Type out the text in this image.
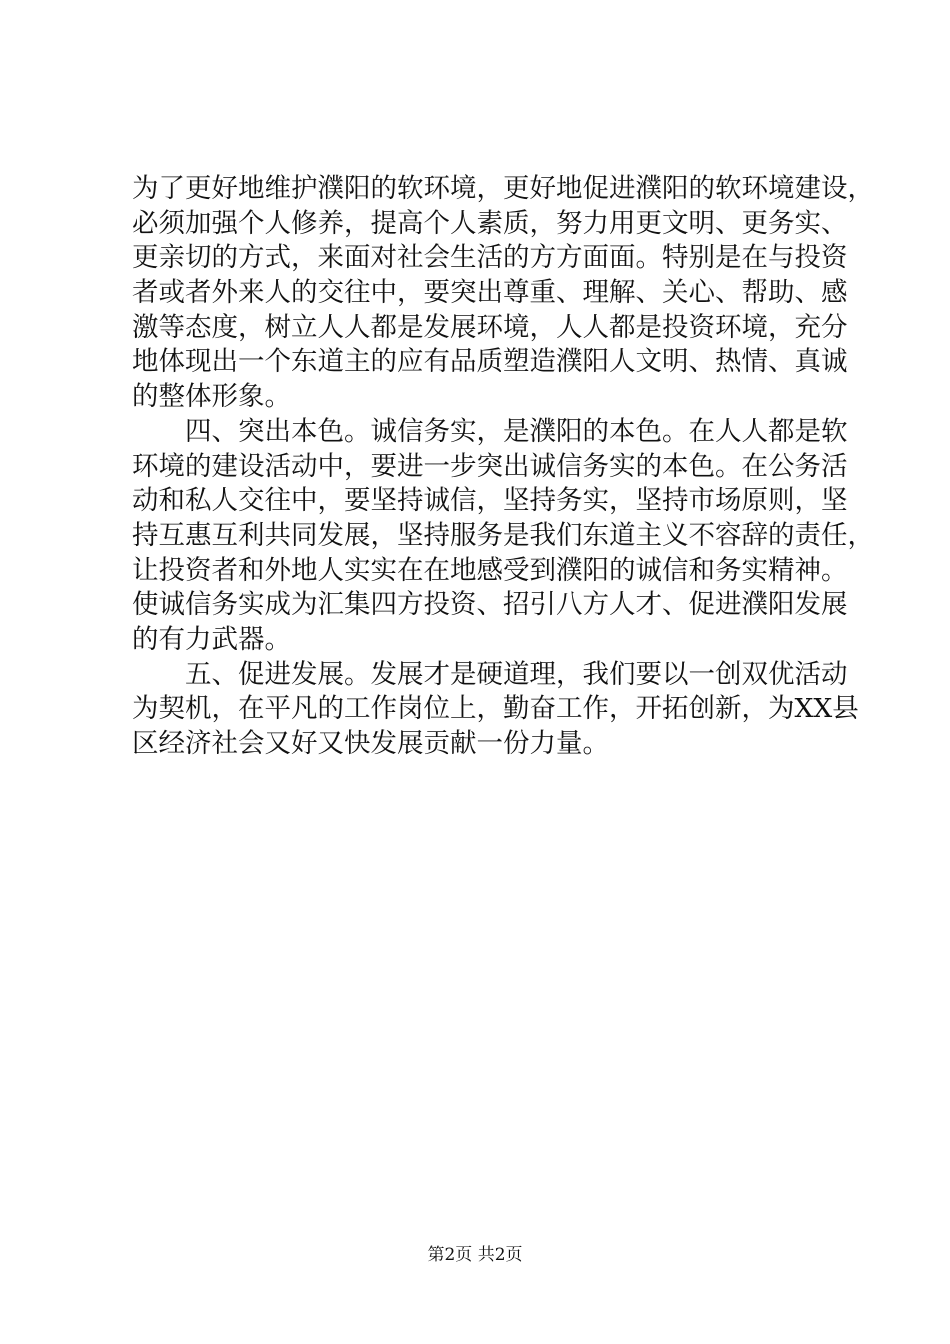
为了更好地维护濮阳的软环境，更好地促进濮阳的软环境建设，
必须加强个人修养，提高个人素质，努力用更文明、更务实、
更亲切的方式，来面对社会生活的方方面面。特别是在与投资
者或者外来人的交往中，要突出尊重、理解、关心、帮助、感
激等态度，树立人人都是发展环境，人人都是投资环境，充分
地体现出一个东道主的应有品质塑造濮阳人文明、热情、真诚
的整体形象。
　　四、突出本色。诚信务实，是濮阳的本色。在人人都是软
环境的建设活动中，要进一步突出诚信务实的本色。在公务活
动和私人交往中，要坚持诚信，坚持务实，坚持市场原则，坚
持互惠互利共同发展，坚持服务是我们东道主义不容辞的责任，
让投资者和外地人实实在在地感受到濮阳的诚信和务实精神。
使诚信务实成为汇集四方投资、招引八方人才、促进濮阳发展
的有力武器。
　　五、促进发展。发展才是硬道理，我们要以一创双优活动
为契机，在平凡的工作岗位上，勤奋工作，开拓创新，为XX县
区经济社会又好又快发展贡献一份力量。
第2页 共2页
